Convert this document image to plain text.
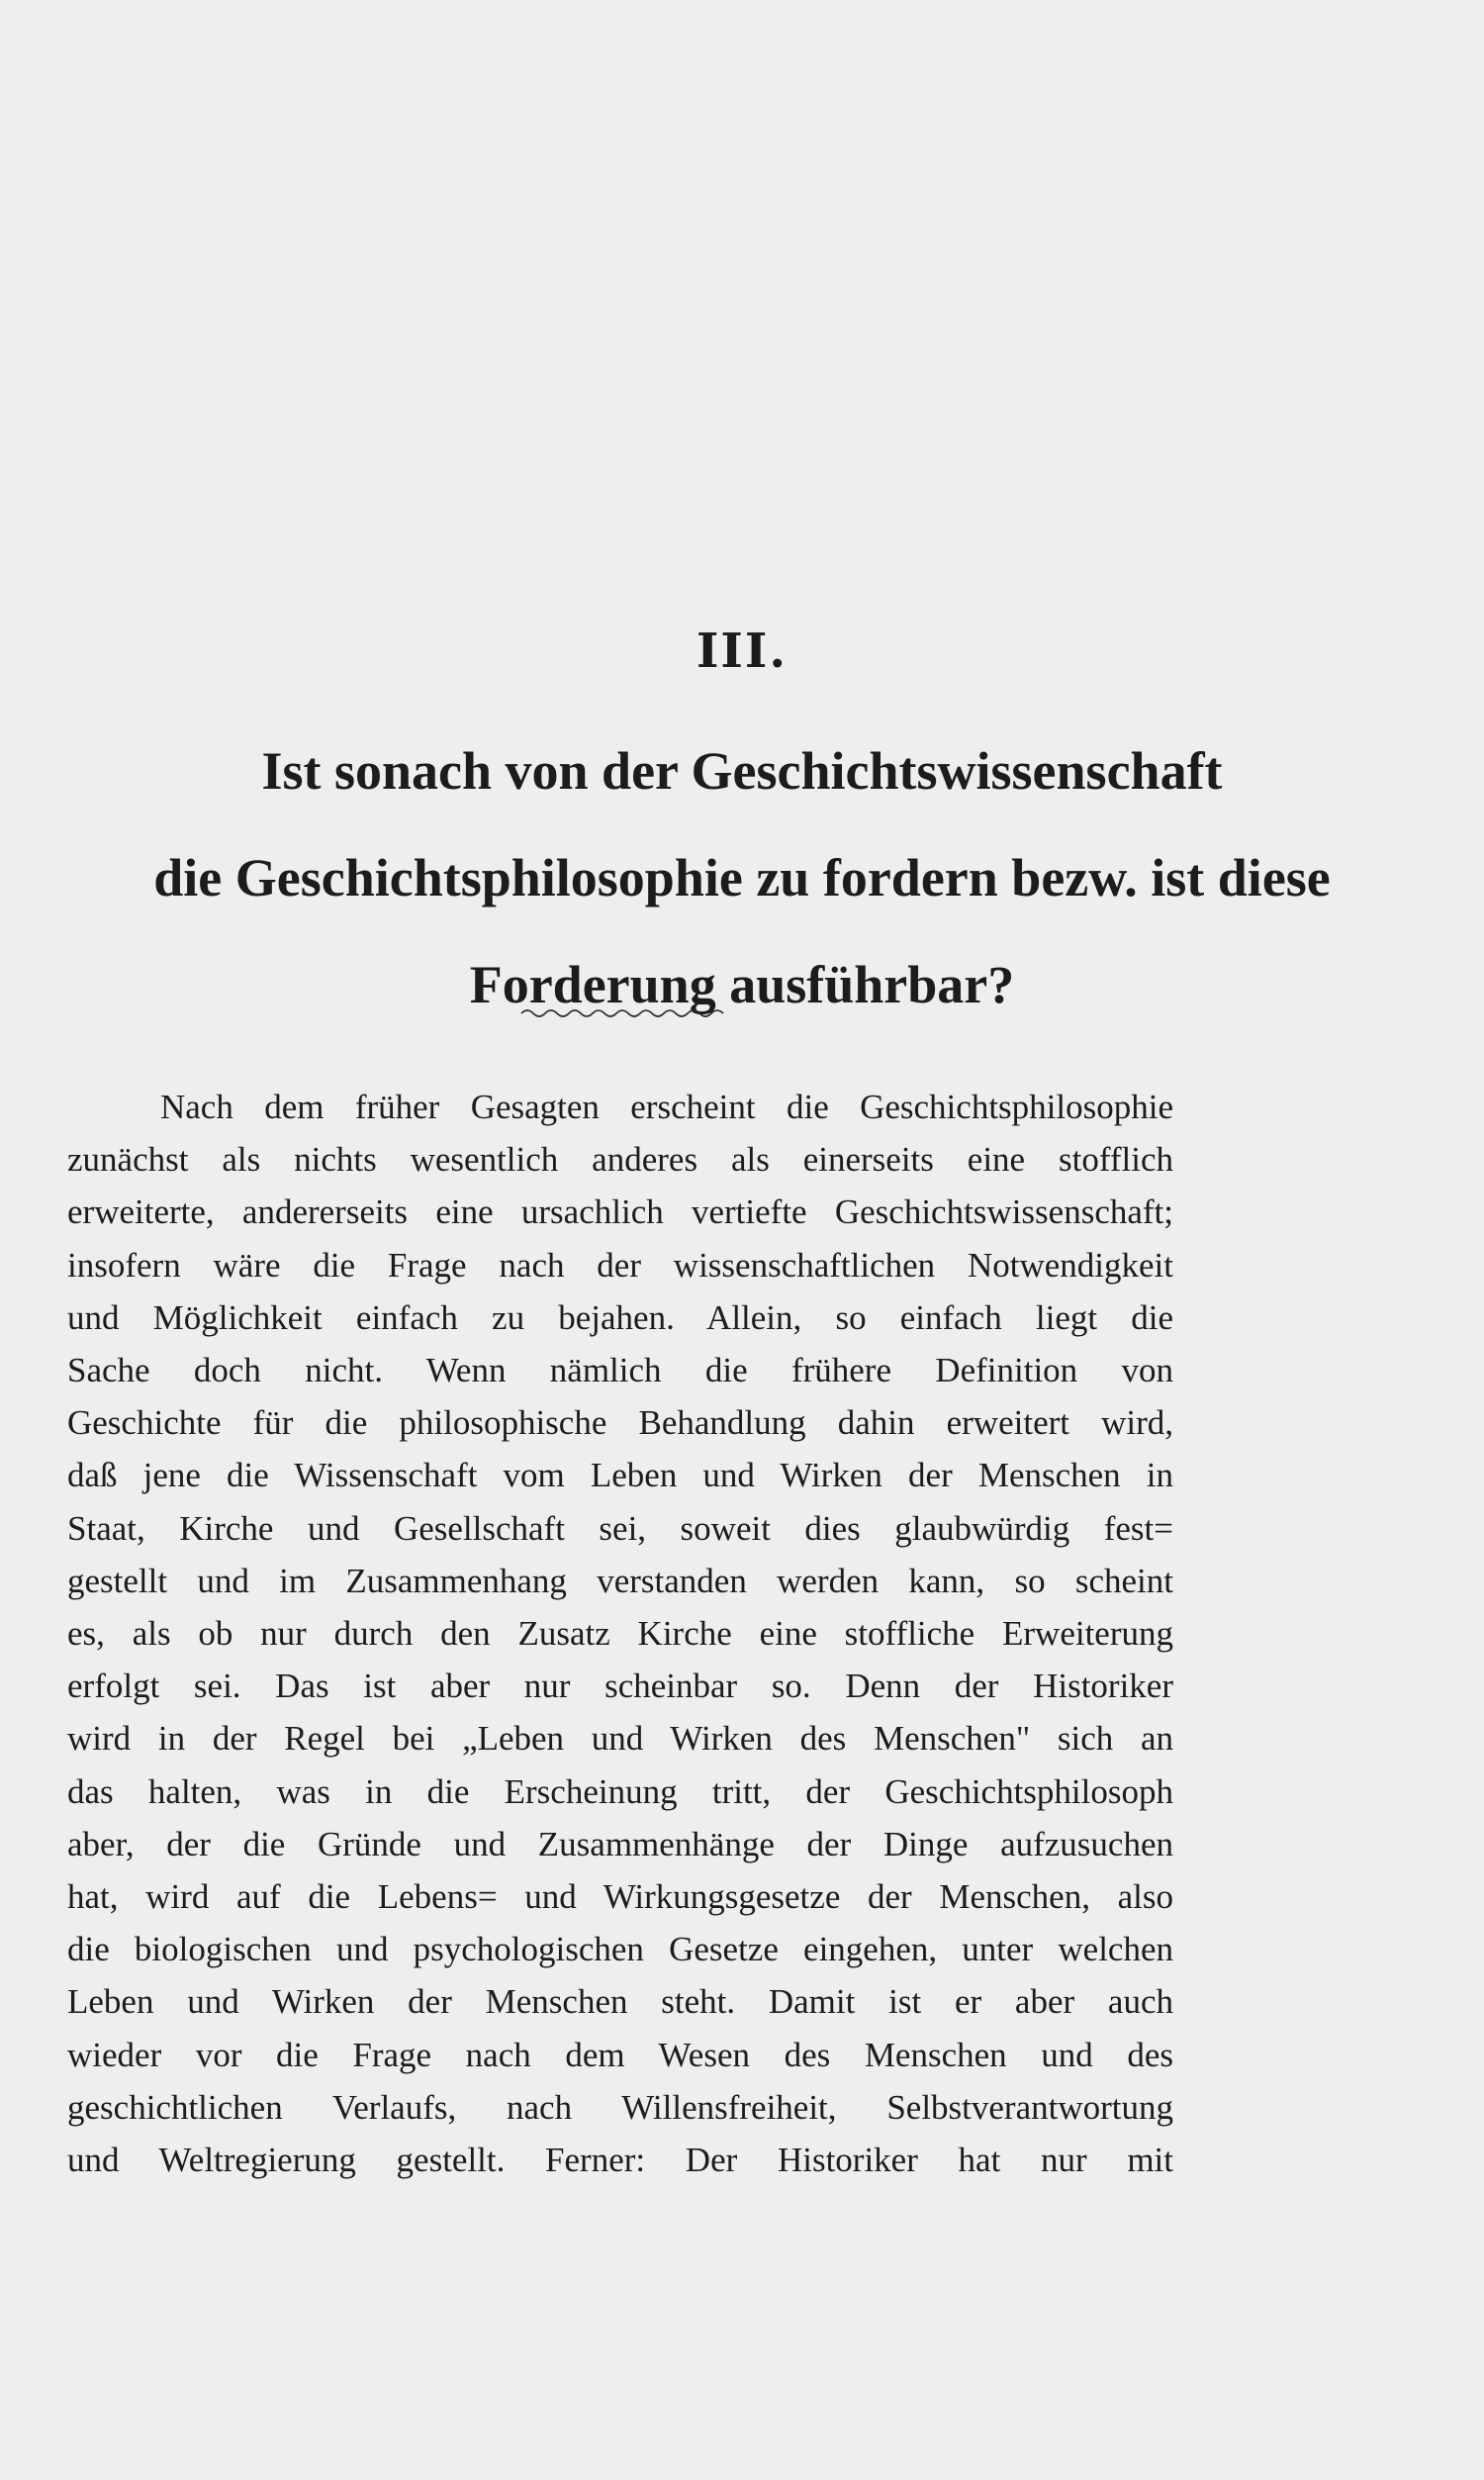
III.
Ist sonach von der Geschichtswissenschaft
die Geschichtsphilosophie zu fordern bezw. ist diese
Forderung ausführbar?
Nach dem früher Gesagten erscheint die Geschichtsphilosophie
zunächst als nichts wesentlich anderes als einerseits eine stofflich
erweiterte, andererseits eine ursachlich vertiefte Geschichtswissenschaft;
insofern wäre die Frage nach der wissenschaftlichen Notwendigkeit
und Möglichkeit einfach zu bejahen. Allein, so einfach liegt die
Sache doch nicht. Wenn nämlich die frühere Definition von
Geschichte für die philosophische Behandlung dahin erweitert wird,
daß jene die Wissenschaft vom Leben und Wirken der Menschen in
Staat, Kirche und Gesellschaft sei, soweit dies glaubwürdig fest=
gestellt und im Zusammenhang verstanden werden kann, so scheint
es, als ob nur durch den Zusatz Kirche eine stoffliche Erweiterung
erfolgt sei. Das ist aber nur scheinbar so. Denn der Historiker
wird in der Regel bei „Leben und Wirken des Menschen" sich an
das halten, was in die Erscheinung tritt, der Geschichtsphilosoph
aber, der die Gründe und Zusammenhänge der Dinge aufzusuchen
hat, wird auf die Lebens= und Wirkungsgesetze der Menschen, also
die biologischen und psychologischen Gesetze eingehen, unter welchen
Leben und Wirken der Menschen steht. Damit ist er aber auch
wieder vor die Frage nach dem Wesen des Menschen und des
geschichtlichen Verlaufs, nach Willensfreiheit, Selbstverantwortung
und Weltregierung gestellt. Ferner: Der Historiker hat nur mit
